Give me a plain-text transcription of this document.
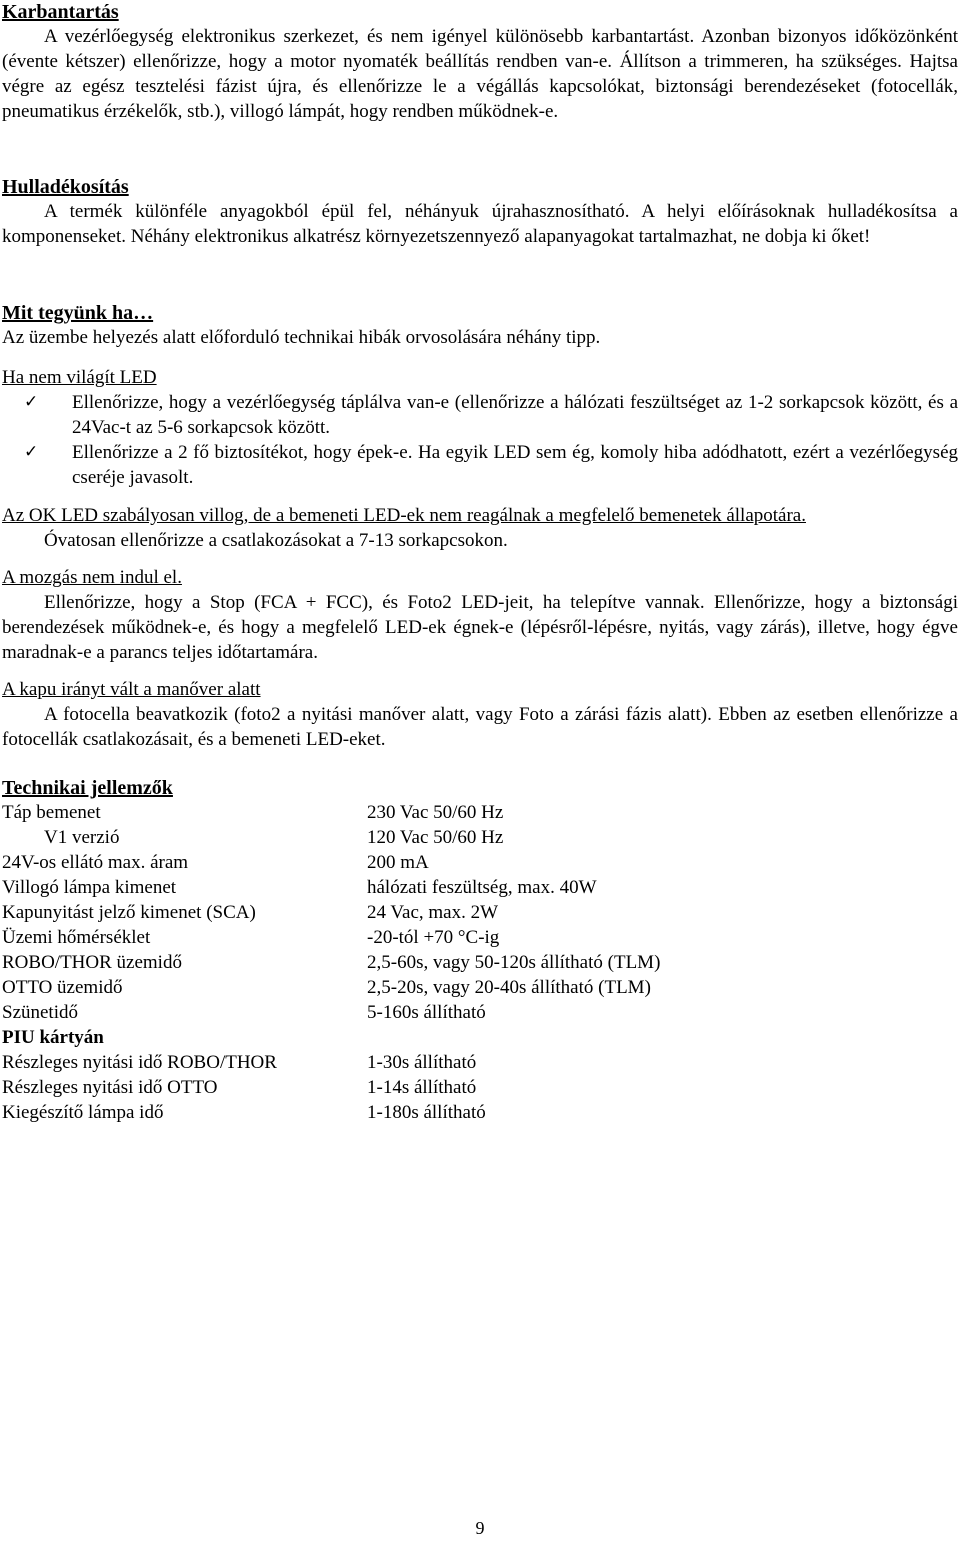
Karbantartás

A vezérlőegység elektronikus szerkezet, és nem igényel különösebb karbantartást. Azonban bizonyos időközönként (évente kétszer) ellenőrizze, hogy a motor nyomaték beállítás rendben van-e. Állítson a trimmeren, ha szükséges. Hajtsa végre az egész tesztelési fázist újra, és ellenőrizze le a végállás kapcsolókat, biztonsági berendezéseket (fotocellák, pneumatikus érzékelők, stb.), villogó lámpát, hogy rendben működnek-e.

Hulladékosítás

A termék különféle anyagokból épül fel, néhányuk újrahasznosítható. A helyi előírásoknak hulladékosítsa a komponenseket. Néhány elektronikus alkatrész környezetszennyező alapanyagokat tartalmazhat, ne dobja ki őket!

Mit tegyünk ha…

Az üzembe helyezés alatt előforduló technikai hibák orvosolására néhány tipp.

Ha nem világít LED
✓ Ellenőrizze, hogy a vezérlőegység táplálva van-e (ellenőrizze a hálózati feszültséget az 1-2 sorkapcsok között, és a 24Vac-t az 5-6 sorkapcsok között.
✓ Ellenőrizze a 2 fő biztosítékot, hogy épek-e. Ha egyik LED sem ég, komoly hiba adódhatott, ezért a vezérlőegység cseréje javasolt.
Az OK LED szabályosan villog, de a bemeneti LED-ek nem reagálnak a megfelelő bemenetek állapotára.

Óvatosan ellenőrizze a csatlakozásokat a 7-13 sorkapcsokon.

A mozgás nem indul el.

Ellenőrizze, hogy a Stop (FCA + FCC), és Foto2 LED-jeit, ha telepítve vannak. Ellenőrizze, hogy a biztonsági berendezések működnek-e, és hogy a megfelelő LED-ek égnek-e (lépésről-lépésre, nyitás, vagy zárás), illetve, hogy égve maradnak-e a parancs teljes időtartamára.

A kapu irányt vált a manőver alatt

A fotocella beavatkozik (foto2 a nyitási manőver alatt, vagy Foto a zárási fázis alatt). Ebben az esetben ellenőrizze a fotocellák csatlakozásait, és a bemeneti LED-eket.

Technikai jellemzők
Táp bemenet	230 Vac 50/60 Hz
V1 verzió	120 Vac 50/60 Hz
24V-os ellátó max. áram	200 mA
Villogó lámpa kimenet	hálózati feszültség, max. 40W
Kapunyitást jelző kimenet (SCA)	24 Vac, max. 2W
Üzemi hőmérséklet	-20-tól +70 °C-ig
ROBO/THOR üzemidő	2,5-60s, vagy 50-120s állítható (TLM)
OTTO üzemidő	2,5-20s, vagy 20-40s állítható (TLM)
Szünetidő	5-160s állítható
PIU kártyán	
Részleges nyitási idő ROBO/THOR	1-30s állítható
Részleges nyitási idő OTTO	1-14s állítható
Kiegészítő lámpa idő	1-180s állítható
9
